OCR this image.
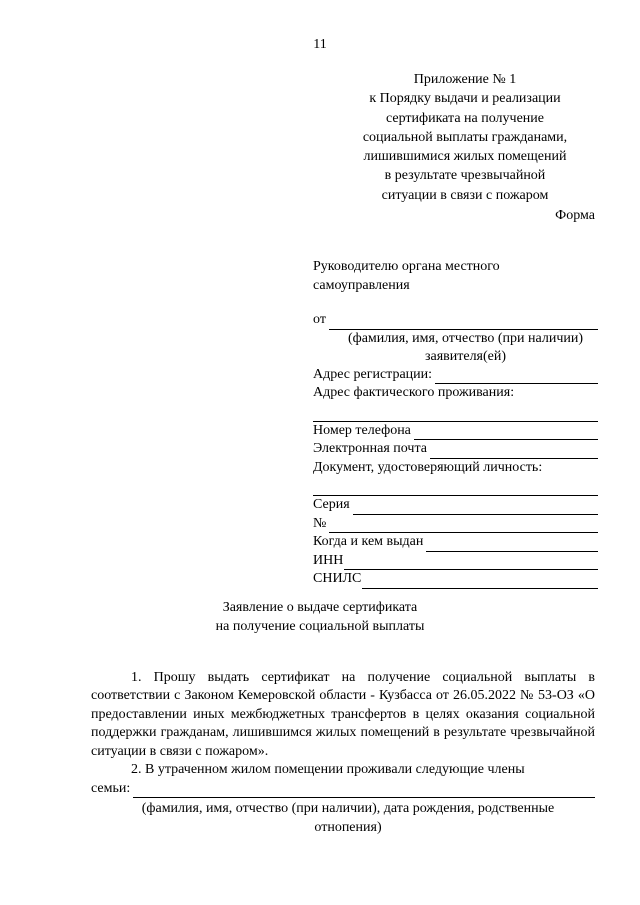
11
Приложение № 1
к Порядку выдачи и реализации
сертификата на получение
социальной выплаты гражданами,
лишившимися жилых помещений
в результате чрезвычайной
ситуации в связи с пожаром
Форма
Руководителю органа местного
самоуправления
от
(фамилия, имя, отчество (при наличии)
заявителя(ей)
Адрес регистрации:
Адрес фактического проживания:
Номер телефона
Электронная почта
Документ, удостоверяющий личность:
Серия
№
Когда и кем выдан
ИНН
СНИЛС
Заявление о выдаче сертификата
на получение социальной выплаты

1. Прошу выдать сертификат на получение социальной выплаты в соответствии с Законом Кемеровской области - Кузбасса от 26.05.2022 № 53-ОЗ «О предоставлении иных межбюджетных трансфертов в целях оказания социальной поддержки гражданам, лишившимся жилых помещений в результате чрезвычайной ситуации в связи с пожаром».

2. В утраченном жилом помещении проживали следующие члены

семьи:
(фамилия, имя, отчество (при наличии), дата рождения, родственные
отнопения)
